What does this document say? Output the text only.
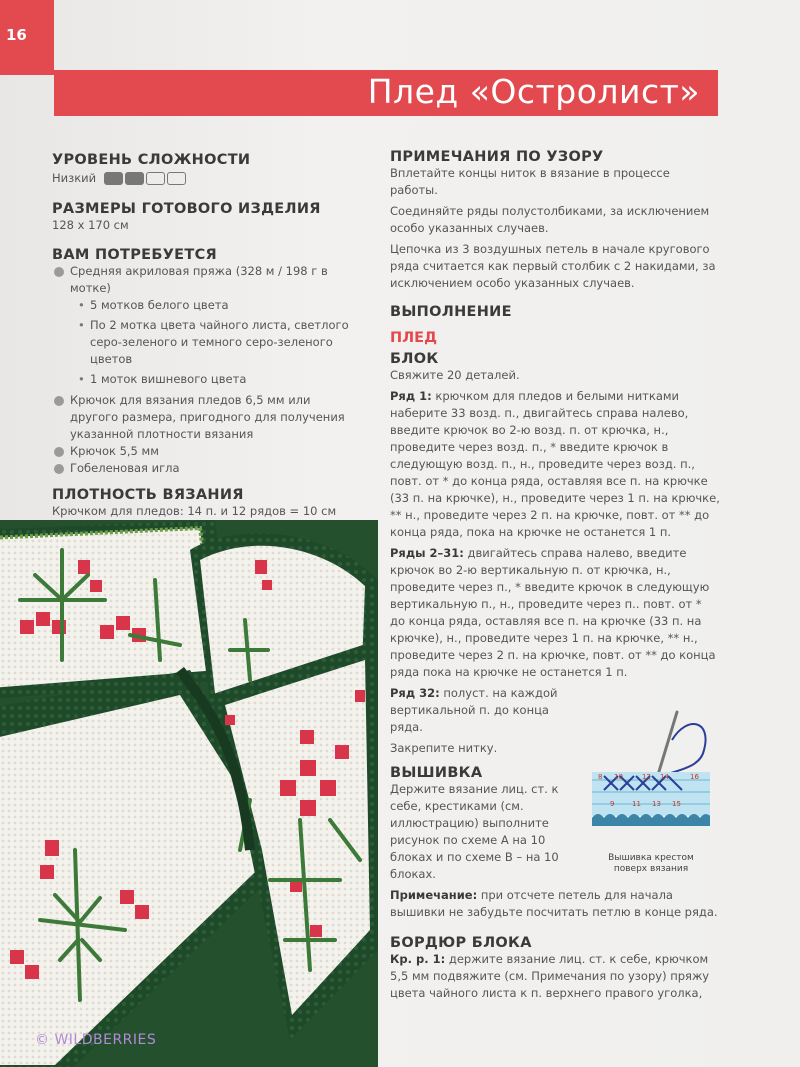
16
Плед «Остролист»

УРОВЕНЬ СЛОЖНОСТИ

Низкий

РАЗМЕРЫ ГОТОВОГО ИЗДЕЛИЯ

128 х 170 см

ВАМ ПОТРЕБУЕТСЯ

Средняя акриловая пряжа (328 м / 198 г в мотке)

• 5 мотков белого цвета

• По 2 мотка цвета чайного листа, светлого серо-зеленого и темного серо-зеленого цветов

• 1 моток вишневого цвета

Крючок для вязания пледов 6,5 мм или другого размера, пригодного для получения указанной плотности вязания

Крючок 5,5 мм

Гобеленовая игла

ПЛОТНОСТЬ ВЯЗАНИЯ

Крючком для пледов: 14 п. и 12 рядов = 10 см

ПРИМЕЧАНИЯ ПО УЗОРУ

Вплетайте концы ниток в вязание в процессе работы.

Соединяйте ряды полустолбиками, за исключением особо указанных случаев.

Цепочка из 3 воздушных петель в начале кругового ряда считается как первый столбик с 2 накидами, за исключением особо указанных случаев.

ВЫПОЛНЕНИЕ

ПЛЕД

БЛОК

Свяжите 20 деталей.

Ряд 1: крючком для пледов и белыми нитками наберите 33 возд. п., двигайтесь справа налево, введите крючок во 2-ю возд. п. от крючка, н., проведите через возд. п., * введите крючок в следующую возд. п., н., проведите через возд. п., повт. от * до конца ряда, оставляя все п. на крючке (33 п. на крючке), н., проведите через 1 п. на крючке, ** н., проведите через 2 п. на крючке, повт. от ** до конца ряда, пока на крючке не останется 1 п.

Ряды 2–31: двигайтесь справа налево, введите крючок во 2-ю вертикальную п. от крючка, н., проведите через п., * введите крючок в следующую вертикальную п., н., проведите через п.. повт. от * до конца ряда, оставляя все п. на крючке (33 п. на крючке), н., проведите через 1 п. на крючке, ** н., проведите через 2 п. на крючке, повт. от ** до конца ряда пока на крючке не останется 1 п.

Ряд 32: полуст. на каждой вертикальной п. до конца ряда.

Закрепите нитку.

ВЫШИВКА

Держите вязание лиц. ст. к себе, крестиками (см. иллюстрацию) выполните рисунок по схеме А на 10 блоках и по схеме В – на 10 блоках.

Примечание: при отсчете петель для начала вышивки не забудьте посчитать петлю в конце ряда.

БОРДЮР БЛОКА

Кр. р. 1: держите вязание лиц. ст. к себе, крючком 5,5 мм подвяжите (см. Примечания по узору) пряжу цвета чайного листа к п. верхнего правого уголка,

8 10	12 14	16
9	11 13 15
Вышивка крестом поверх вязания
© WILDBERRIES
